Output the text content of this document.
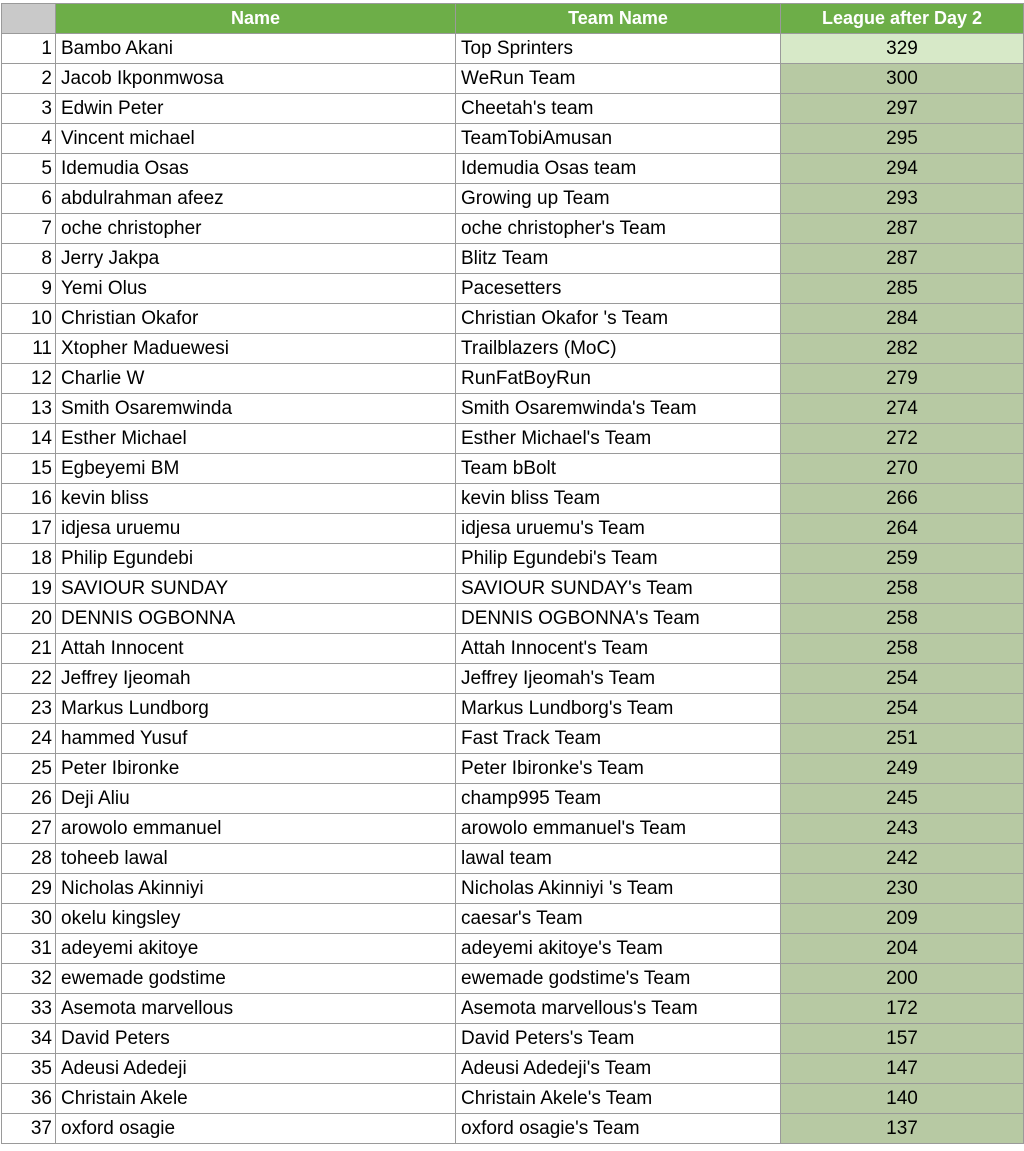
	Name	Team Name	League after Day 2
1	Bambo Akani	Top Sprinters	329
2	Jacob Ikponmwosa	WeRun Team	300
3	Edwin Peter	Cheetah's team	297
4	Vincent michael	TeamTobiAmusan	295
5	Idemudia Osas	Idemudia Osas team	294
6	abdulrahman afeez	Growing up Team	293
7	oche christopher	oche christopher's Team	287
8	Jerry Jakpa	Blitz Team	287
9	Yemi Olus	Pacesetters	285
10	Christian Okafor	Christian Okafor 's Team	284
11	Xtopher Maduewesi	Trailblazers (MoC)	282
12	Charlie W	RunFatBoyRun	279
13	Smith Osaremwinda	Smith Osaremwinda's Team	274
14	Esther Michael	Esther Michael's Team	272
15	Egbeyemi BM	Team bBolt	270
16	kevin bliss	kevin bliss Team	266
17	idjesa uruemu	idjesa uruemu's Team	264
18	Philip Egundebi	Philip Egundebi's Team	259
19	SAVIOUR SUNDAY	SAVIOUR SUNDAY's Team	258
20	DENNIS OGBONNA	DENNIS OGBONNA's Team	258
21	Attah Innocent	Attah Innocent's Team	258
22	Jeffrey Ijeomah	Jeffrey Ijeomah's Team	254
23	Markus Lundborg	Markus Lundborg's Team	254
24	hammed Yusuf	Fast Track Team	251
25	Peter Ibironke	Peter Ibironke's Team	249
26	Deji Aliu	champ995 Team	245
27	arowolo emmanuel	arowolo emmanuel's Team	243
28	toheeb lawal	lawal team	242
29	Nicholas Akinniyi	Nicholas Akinniyi 's Team	230
30	okelu kingsley	caesar's Team	209
31	adeyemi akitoye	adeyemi akitoye's Team	204
32	ewemade godstime	ewemade godstime's Team	200
33	Asemota marvellous	Asemota marvellous's Team	172
34	David Peters	David Peters's Team	157
35	Adeusi Adedeji	Adeusi Adedeji's Team	147
36	Christain Akele	Christain Akele's Team	140
37	oxford osagie	oxford osagie's Team	137
